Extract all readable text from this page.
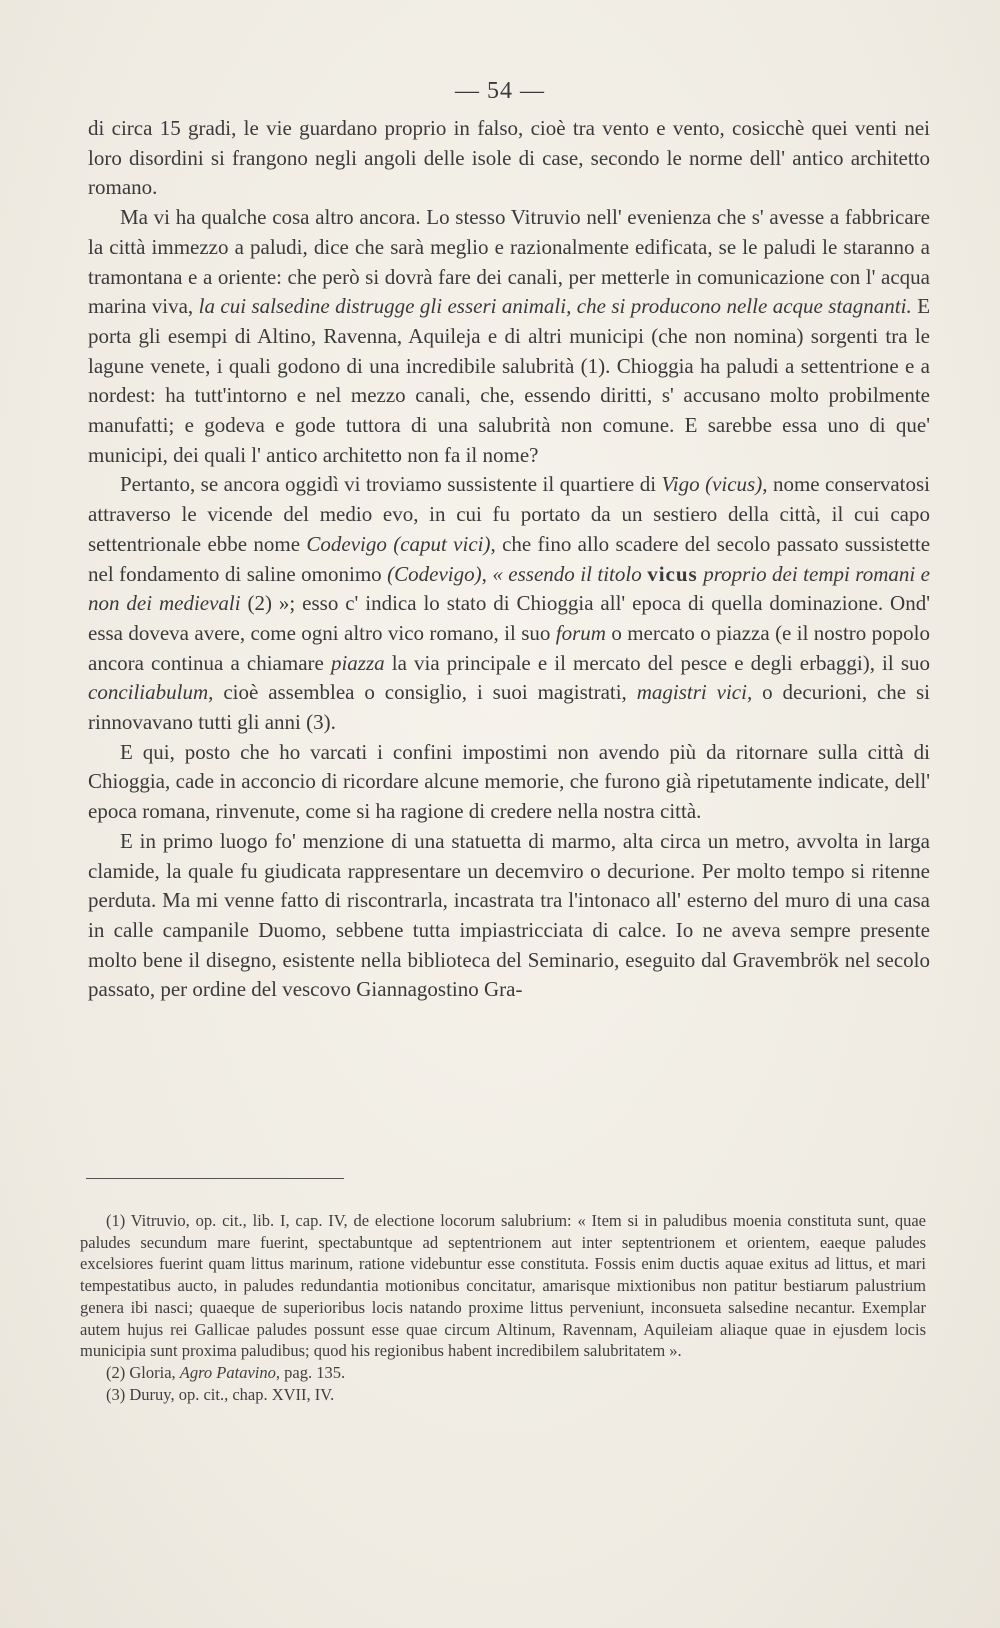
— 54 —

di circa 15 gradi, le vie guardano proprio in falso, cioè tra vento e vento, cosicchè quei venti nei loro disordini si frangono negli angoli delle isole di case, secondo le norme dell' antico architetto romano.

Ma vi ha qualche cosa altro ancora. Lo stesso Vitruvio nell' evenienza che s' avesse a fabbricare la città immezzo a paludi, dice che sarà meglio e razionalmente edificata, se le paludi le staranno a tramontana e a oriente: che però si dovrà fare dei canali, per metterle in comunicazione con l' acqua marina viva, la cui salsedine distrugge gli esseri animali, che si producono nelle acque stagnanti. E porta gli esempi di Altino, Ravenna, Aquileja e di altri municipi (che non nomina) sorgenti tra le lagune venete, i quali godono di una incredibile salubrità (1). Chioggia ha paludi a settentrione e a nordest: ha tutt'intorno e nel mezzo canali, che, essendo diritti, s' accusano molto probilmente manufatti; e godeva e gode tuttora di una salubrità non comune. E sarebbe essa uno di que' municipi, dei quali l' antico architetto non fa il nome?

Pertanto, se ancora oggidì vi troviamo sussistente il quartiere di Vigo (vicus), nome conservatosi attraverso le vicende del medio evo, in cui fu portato da un sestiero della città, il cui capo settentrionale ebbe nome Codevigo (caput vici), che fino allo scadere del secolo passato sussistette nel fondamento di saline omonimo (Codevigo), « essendo il titolo vicus proprio dei tempi romani e non dei medievali (2) »; esso c' indica lo stato di Chioggia all' epoca di quella dominazione. Ond' essa doveva avere, come ogni altro vico romano, il suo forum o mercato o piazza (e il nostro popolo ancora continua a chiamare piazza la via principale e il mercato del pesce e degli erbaggi), il suo conciliabulum, cioè assemblea o consiglio, i suoi magistrati, magistri vici, o decurioni, che si rinnovavano tutti gli anni (3).

E qui, posto che ho varcati i confini impostimi non avendo più da ritornare sulla città di Chioggia, cade in acconcio di ricordare alcune memorie, che furono già ripetutamente indicate, dell' epoca romana, rinvenute, come si ha ragione di credere nella nostra città.

E in primo luogo fo' menzione di una statuetta di marmo, alta circa un metro, avvolta in larga clamide, la quale fu giudicata rappresentare un decemviro o decurione. Per molto tempo si ritenne perduta. Ma mi venne fatto di riscontrarla, incastrata tra l'intonaco all' esterno del muro di una casa in calle campanile Duomo, sebbene tutta impiastricciata di calce. Io ne aveva sempre presente molto bene il disegno, esistente nella biblioteca del Seminario, eseguito dal Gravembrök nel secolo passato, per ordine del vescovo Giannagostino Gra-

(1) Vitruvio, op. cit., lib. I, cap. IV, de electione locorum salubrium: « Item si in paludibus moenia constituta sunt, quae paludes secundum mare fuerint, spectabuntque ad septentrionem aut inter septentrionem et orientem, eaeque paludes excelsiores fuerint quam littus marinum, ratione videbuntur esse constituta. Fossis enim ductis aquae exitus ad littus, et mari tempestatibus aucto, in paludes redundantia motionibus concitatur, amarisque mixtionibus non patitur bestiarum palustrium genera ibi nasci; quaeque de superioribus locis natando proxime littus perveniunt, inconsueta salsedine necantur. Exemplar autem hujus rei Gallicae paludes possunt esse quae circum Altinum, Ravennam, Aquileiam aliaque quae in ejusdem locis municipia sunt proxima paludibus; quod his regionibus habent incredibilem salubritatem ».

(2) Gloria, Agro Patavino, pag. 135.

(3) Duruy, op. cit., chap. XVII, IV.
